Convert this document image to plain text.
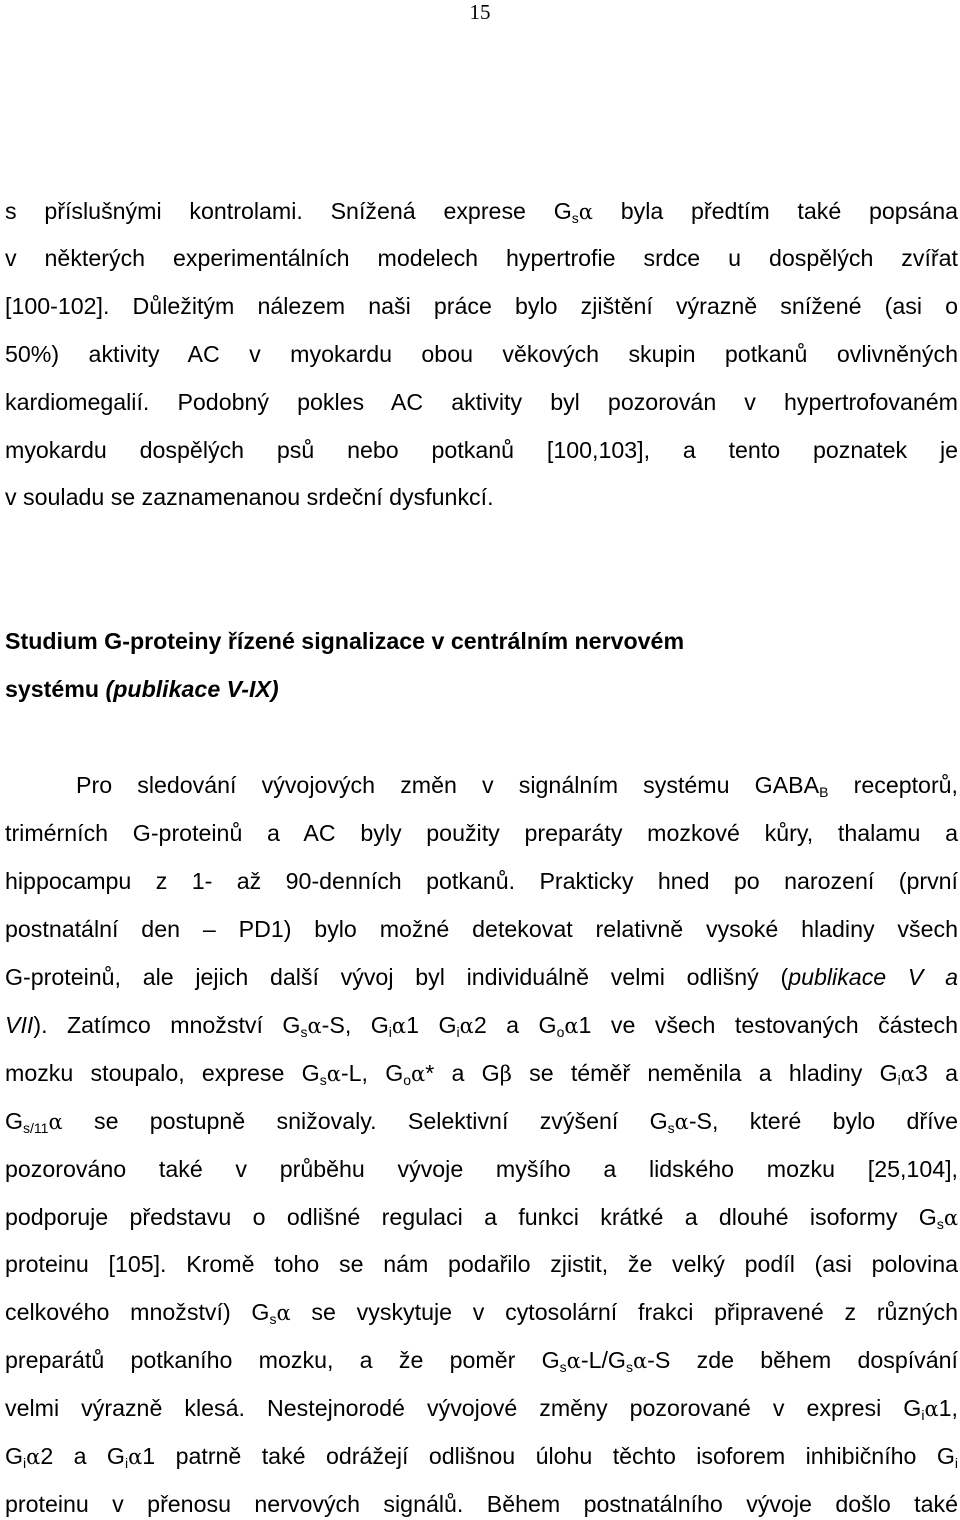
15
s příslušnými kontrolami. Snížená exprese $G_s\alpha$ byla předtím také popsána
v některých experimentálních modelech hypertrofie srdce u dospělých zvířat
[100-102]. Důležitým nálezem naši práce bylo zjištění výrazně snížené (asi o
50%) aktivity AC v myokardu obou věkových skupin potkanů ovlivněných
kardiomegalií. Podobný pokles AC aktivity byl pozorován v hypertrofovaném
myokardu dospělých psů nebo potkanů [100,103], a tento poznatek je
v souladu se zaznamenanou srdeční dysfunkcí.
Studium G-proteiny řízené signalizace v centrálním nervovém
systému (publikace V-IX)
Pro sledování vývojových změn v signálním systému $GABA_B$ receptorů,
trimérních G-proteinů a AC byly použity preparáty mozkové kůry, thalamu a
hippocampu z 1- až 90-denních potkanů. Prakticky hned po narození (první
postnatální den – PD1) bylo možné detekovat relativně vysoké hladiny všech
G-proteinů, ale jejich další vývoj byl individuálně velmi odlišný (publikace V a
VII). Zatímco množství $G_s\alpha-S$, $G_i\alpha 1$ $G_i\alpha 2$ a $G_o\alpha 1$ ve všech testovaných částech
mozku stoupalo, exprese $G_s\alpha-L$, $G_o\alpha*$ a Gβ se téměř neměnila a hladiny $G_i\alpha 3$ a
$G_{s/11}\alpha$ se postupně snižovaly. Selektivní zvýšení $G_s\alpha-S$, které bylo dříve
pozorováno také v průběhu vývoje myšího a lidského mozku [25,104],
podporuje představu o odlišné regulaci a funkci krátké a dlouhé isoformy $G_s\alpha$
proteinu [105]. Kromě toho se nám podařilo zjistit, že velký podíl (asi polovina
celkového množství) $G_s\alpha$ se vyskytuje v cytosolární frakci připravené z různých
preparátů potkaního mozku, a že poměr $G_s\alpha-L/G_s\alpha-S$ zde během dospívání
velmi výrazně klesá. Nestejnorodé vývojové změny pozorované v expresi $G_i\alpha 1$,
$G_i\alpha 2$ a $G_i\alpha 1$ patrně také odrážejí odlišnou úlohu těchto isoforem inhibičního $G_i$
proteinu v přenosu nervových signálů. Během postnatálního vývoje došlo také
